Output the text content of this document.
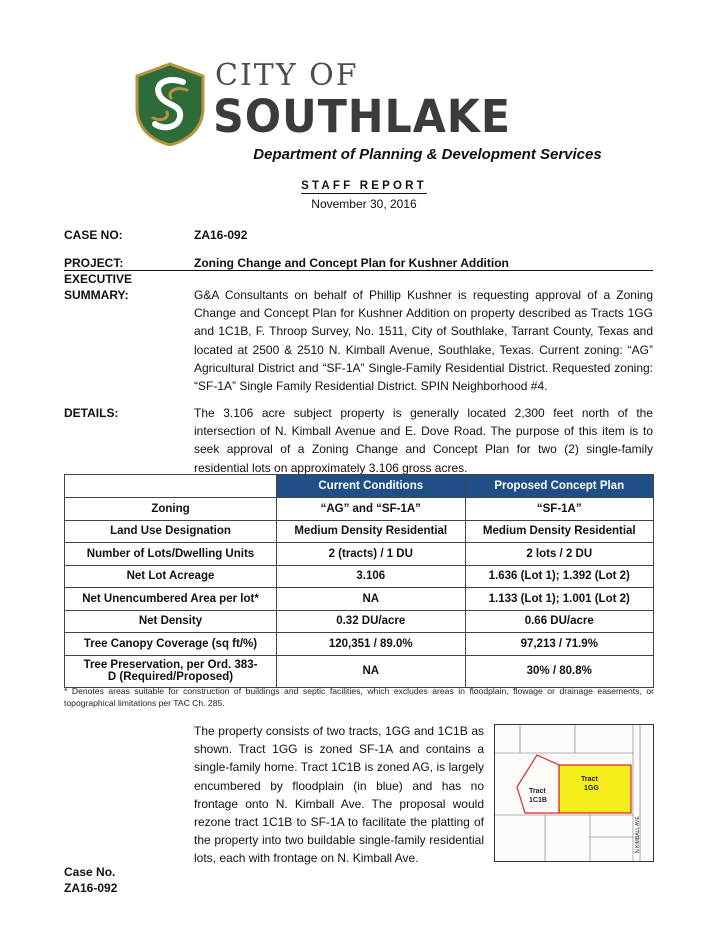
CITY OF
SOUTHLAKE
Department of Planning & Development Services
STAFF REPORT
November 30, 2016
CASE NO:	ZA16-092
PROJECT:	Zoning Change and Concept Plan for Kushner Addition
EXECUTIVE
SUMMARY:	G&A Consultants on behalf of Phillip Kushner is requesting approval of a Zoning Change and Concept Plan for Kushner Addition on property described as Tracts 1GG and 1C1B, F. Throop Survey, No. 1511, City of Southlake, Tarrant County, Texas and located at 2500 & 2510 N. Kimball Avenue, Southlake, Texas. Current zoning: “AG” Agricultural District and “SF-1A” Single-Family Residential District. Requested zoning: “SF-1A” Single Family Residential District. SPIN Neighborhood #4.
DETAILS:	The 3.106 acre subject property is generally located 2,300 feet north of the intersection of N. Kimball Avenue and E. Dove Road. The purpose of this item is to seek approval of a Zoning Change and Concept Plan for two (2) single-family residential lots on approximately 3.106 gross acres.
	Current Conditions	Proposed Concept Plan
Zoning	“AG” and “SF-1A”	“SF-1A”
Land Use Designation	Medium Density Residential	Medium Density Residential
Number of Lots/Dwelling Units	2 (tracts) / 1 DU	2 lots / 2 DU
Net Lot Acreage	3.106	1.636 (Lot 1); 1.392 (Lot 2)
Net Unencumbered Area per lot*	NA	1.133 (Lot 1); 1.001 (Lot 2)
Net Density	0.32 DU/acre	0.66 DU/acre
Tree Canopy Coverage (sq ft/%)	120,351 / 89.0%	97,213 / 71.9%

Tree Preservation, per Ord. 383-
D (Required/Proposed)	NA	30% / 80.8%
* Denotes areas suitable for construction of buildings and septic facilities, which excludes areas in floodplain, flowage or drainage easements, or topographical limitations per TAC Ch. 285.
The property consists of two tracts, 1GG and 1C1B as shown. Tract 1GG is zoned SF-1A and contains a single-family home. Tract 1C1B is zoned AG, is largely encumbered by floodplain (in blue) and has no frontage onto N. Kimball Ave. The proposal would rezone tract 1C1B to SF-1A to facilitate the platting of the property into two buildable single-family residential lots, each with frontage on N. Kimball Ave.
Tract
1GG
Tract
1C1B
N KIMBALL AVE
Case No.
ZA16-092
